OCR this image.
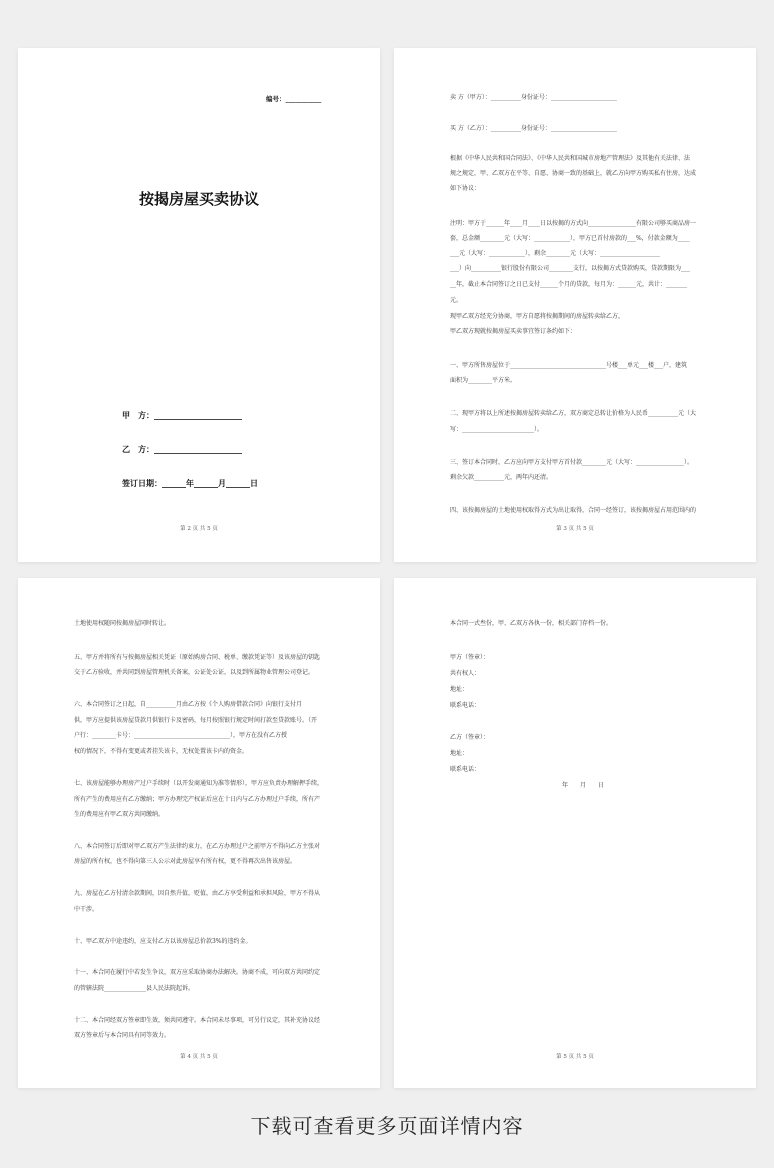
编号：___________
按揭房屋买卖协议
甲　方：______________________
乙　方：______________________
签订日期：______年______月______日
第 2 页 共 5 页
卖 方（甲方）：__________身份证号：______________________
买 方（乙方）：__________身份证号：______________________
根据《中华人民共和国合同法》、《中华人民共和国城市房地产管理法》及其他有关法律、法
规之规定，甲、乙双方在平等、自愿、协商一致的基础上，就乙方向甲方购买私有住房，达成
如下协议：
注明：甲方于______年____月____日以按揭的方式向________________有限公司够买商品房一
套，总金额________元（大写：____________），甲方已首付房款的___%，付款金额为____
___元（大写：____________），剩余________元（大写：____________________
___）向__________银行股份有限公司________支行，以按揭方式贷款购买，贷款期限为___
__年，截止本合同签订之日已支付______个月的贷款，每月为：______元，共计：_______
元。
现甲乙双方经充分协商，甲方自愿将按揭期间的房屋转卖给乙方，
甲乙双方现就按揭房屋买卖事宜签订条约如下：
一、甲方所售房屋位于________________________________号楼___单元___楼___户，建筑
面积为________平方米。
二、现甲方将以上所述按揭房屋转卖给乙方，双方商定总转让价格为人民币__________元（大
写：________________________）。
三、签订本合同时，乙方应向甲方支付甲方首付款________元（大写：________________）。
剩余欠款__________元，两年内还清。
四、该按揭房屋的土地使用权取得方式为出让取得，合同一经签订，该按揭房屋占用范围内的
第 3 页 共 5 页
土地使用权随同按揭房屋同时转让。
五、甲方并将所有与按揭房屋相关凭证（原始购房合同、税单、缴款凭证等）及该房屋的钥匙
交于乙方验收，并共同到房屋管理机关备案，公证处公证，以及到所属物业管理公司登记。
六、本合同签订之日起，自__________月由乙方按《个人购房借款合同》向银行支付月
供，甲方应提供该房屋贷款月供银行卡及密码，每月按照银行规定时间打款至贷款账号。（开
户行：________卡号：________________________________），甲方在没有乙方授
权的情况下，不得有变更或者挂失该卡，无权处置该卡内的资金。
七、该房屋能够办理房产过户手续时（以开发商通知为准等情形），甲方应负责办理解押手续，
所有产生的费用应有乙方缴纳；甲方办理完产权证后应在十日内与乙方办理过户手续，所有产
生的费用应有甲乙双方共同缴纳。
八、本合同签订后即对甲乙双方产生法律约束力，在乙方办理过户之前甲方不得向乙方主张对
房屋的所有权，也不得向第三人公示对此房屋享有所有权，更不得再次出售该房屋。
九、房屋在乙方付清余款期间，因自然升值，贬值，由乙方享受利益和承担风险，甲方不得从
中干涉。
十、甲乙双方中途违约，应支付乙方以该房屋总价款3%的违约金。
十一、本合同在履行中若发生争议，双方应采取协商办法解决。协商不成，可向双方共同约定
的管辖法院______________县人民法院起诉。
十二、本合同经双方签章即生效，须共同遵守。本合同未尽事项，可另行议定，其补充协议经
双方签章后与本合同具有同等效力。
第 4 页 共 5 页
本合同一式叁份，甲、乙双方各执一份，相关部门存档一份。
甲方（签章）：
共有权人：
地址：
联系电话：
乙方（签章）：
地址：
联系电话：
年　　月　　日
第 5 页 共 5 页
下载可查看更多页面详情内容
